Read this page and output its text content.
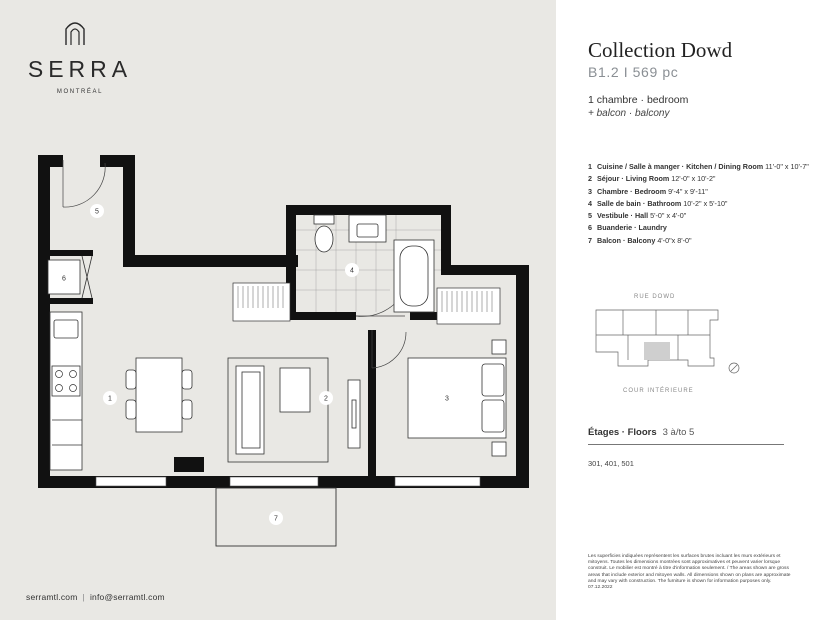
SERRA
MONTRÉAL
1	2	3
4
5
6
7
serramtl.com | info@serramtl.com
Collection Dowd
B1.2 I 569 pc
1 chambre · bedroom
+ balcon · balcony
1 Cuisine / Salle à manger · Kitchen / Dining Room 11'-0" x 10'-7"
2 Séjour · Living Room 12'-0" x 10'-2"
3 Chambre · Bedroom 9'-4" x 9'-11"
4 Salle de bain · Bathroom 10'-2" x 5'-10"
5 Vestibule · Hall 5'-0" x 4'-0"
6 Buanderie · Laundry
7 Balcon · Balcony 4'-0"x 8'-0"
RUE DOWD
COUR INTÉRIEURE
Étages · Floors 3 à/to 5
301, 401, 501
Les superficies indiquées représentent les surfaces brutes incluant les murs extérieurs et mitoyens. Toutes les dimensions montrées sont approximatives et peuvent varier lorsque construit. Le mobilier est montré à titre d'information seulement. / The areas shown are gross areas that include exterior and mitoyen walls. All dimensions shown on plans are approximate and may vary with construction. The furniture is shown for information purposes only. 07.12.2022
